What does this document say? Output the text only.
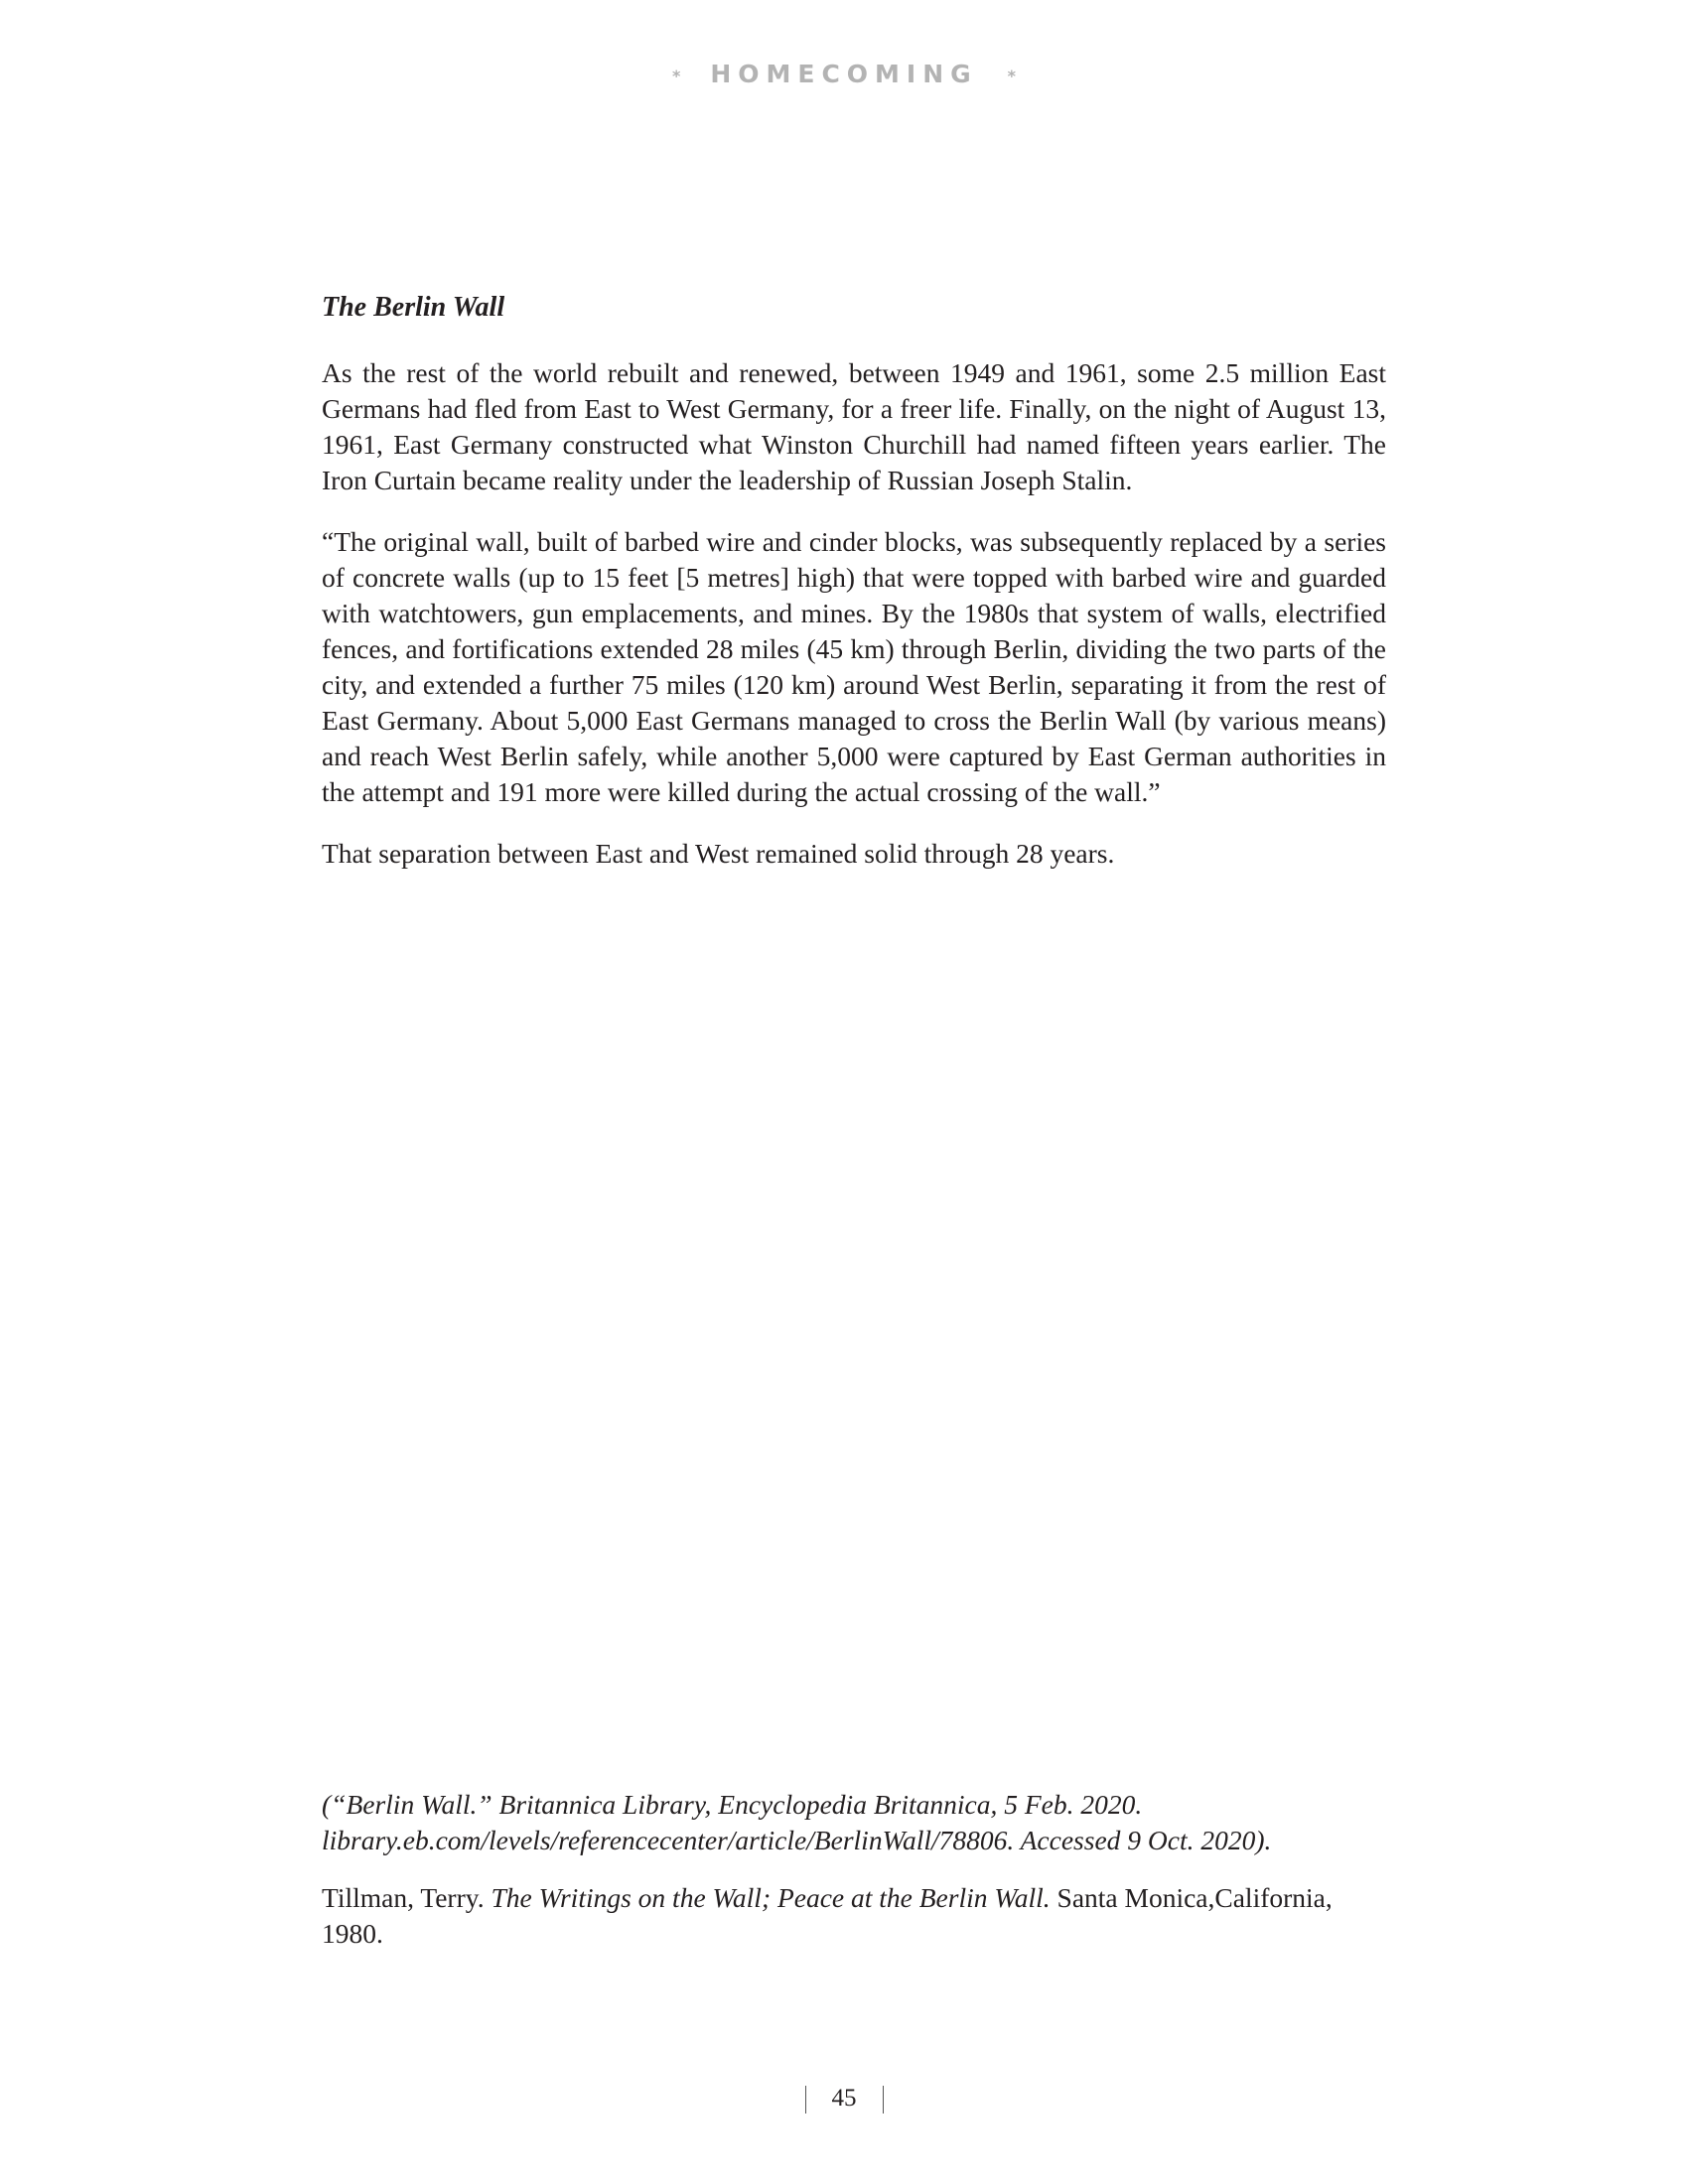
* HOMECOMING *
The Berlin Wall

As the rest of the world rebuilt and renewed, between 1949 and 1961, some 2.5 million East Germans had fled from East to West Germany, for a freer life. Finally, on the night of August 13, 1961, East Germany constructed what Winston Churchill had named fifteen years earlier. The Iron Curtain became reality under the leadership of Russian Joseph Stalin.

“The original wall, built of barbed wire and cinder blocks, was subsequently replaced by a series of concrete walls (up to 15 feet [5 metres] high) that were topped with barbed wire and guarded with watchtowers, gun emplacements, and mines. By the 1980s that system of walls, electrified fences, and fortifications extended 28 miles (45 km) through Berlin, dividing the two parts of the city, and extended a further 75 miles (120 km) around West Berlin, separating it from the rest of East Germany. About 5,000 East Germans managed to cross the Berlin Wall (by various means) and reach West Berlin safely, while another 5,000 were captured by East German authorities in the attempt and 191 more were killed during the actual crossing of the wall.”

That separation between East and West remained solid through 28 years.

(“Berlin Wall.” Britannica Library, Encyclopedia Britannica, 5 Feb. 2020. library.eb.com/levels/referencecenter/article/BerlinWall/78806. Accessed 9 Oct. 2020).

Tillman, Terry. The Writings on the Wall; Peace at the Berlin Wall. Santa Monica,California, 1980.

45
